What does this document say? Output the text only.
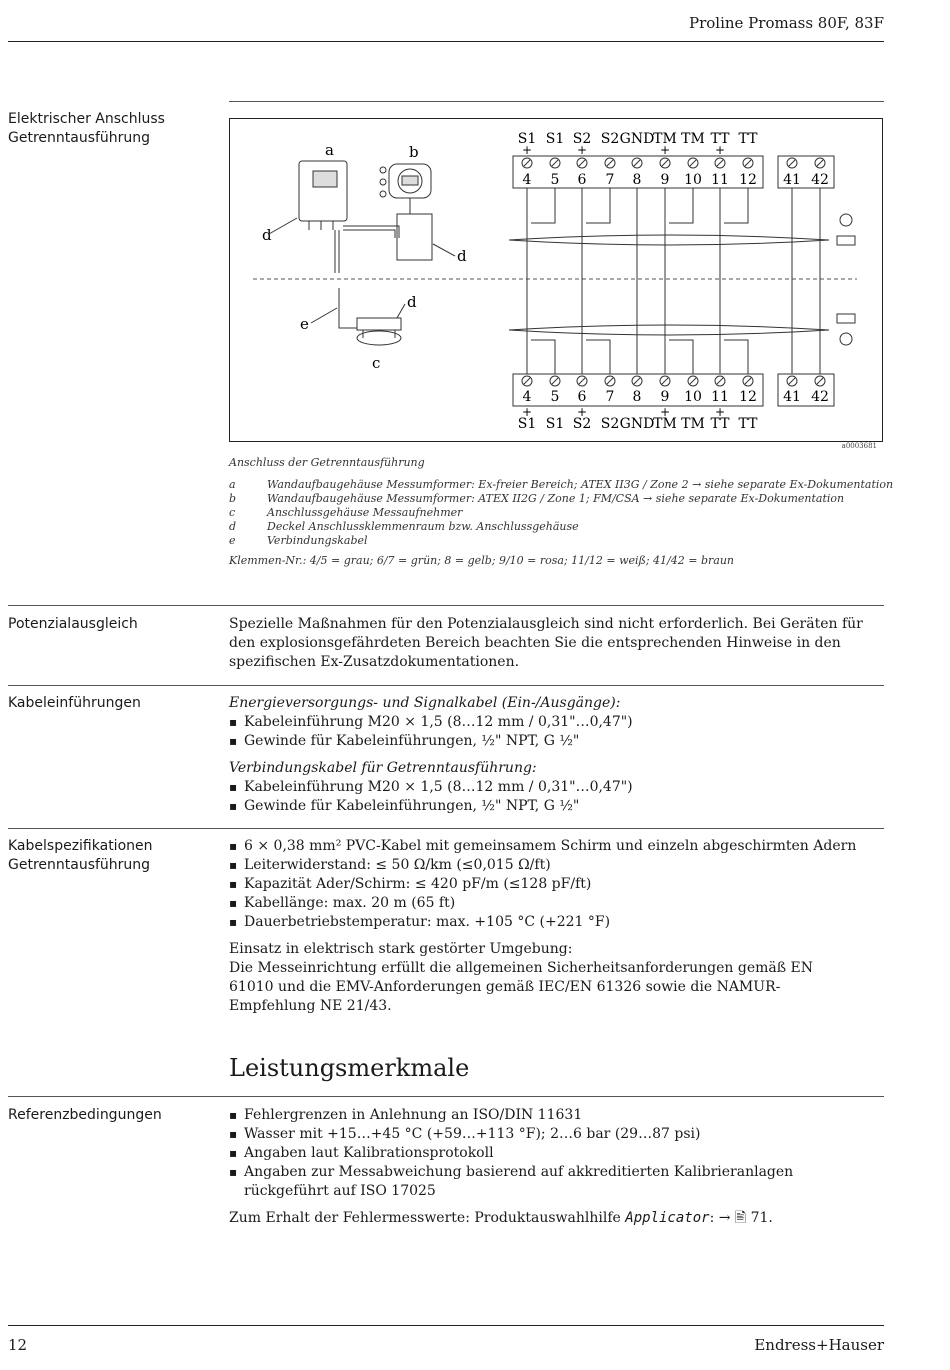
Proline Promass 80F, 83F
Elektrischer Anschluss
Getrenntausführung
a	b
d
d
d
e
c
S1 S1 S2 S2 GND
TM TM TT TT
+	+	+	+
4 5 6 7 8 9 10 11 12 41 42
4 5 6 7 8 9 10 11 12 41 42
+	+	+	+
S1 S1 S2 S2 GND
TM TM TT TT
a0003681
Anschluss der Getrenntausführung
a	Wandaufbaugehäuse Messumformer: Ex-freier Bereich; ATEX II3G / Zone 2 → siehe separate Ex-Dokumentation
b	Wandaufbaugehäuse Messumformer: ATEX II2G / Zone 1; FM/CSA → siehe separate Ex-Dokumentation
c	Anschlussgehäuse Messaufnehmer
d	Deckel Anschlussklemmenraum bzw. Anschlussgehäuse
e	Verbindungskabel
Klemmen-Nr.: 4/5 = grau; 6/7 = grün; 8 = gelb; 9/10 = rosa; 11/12 = weiß; 41/42 = braun
Potenzialausgleich	Spezielle Maßnahmen für den Potenzialausgleich sind nicht erforderlich. Bei Geräten für den explosionsgefährdeten Bereich beachten Sie die entsprechenden Hinweise in den spezifischen Ex-Zusatzdokumentationen.
Kabeleinführungen	Energieversorgungs- und Signalkabel (Ein-/Ausgänge):
▪ Kabeleinführung M20 × 1,5 (8…12 mm / 0,31"…0,47")
▪ Gewinde für Kabeleinführungen, ½" NPT, G ½"
Verbindungskabel für Getrenntausführung:
▪ Kabeleinführung M20 × 1,5 (8…12 mm / 0,31"…0,47")
▪ Gewinde für Kabeleinführungen, ½" NPT, G ½"
Kabelspezifikationen
Getrenntausführung
▪ 6 × 0,38 mm² PVC-Kabel mit gemeinsamem Schirm und einzeln abgeschirmten Adern
▪ Leiterwiderstand: ≤ 50 Ω/km (≤0,015 Ω/ft)
▪ Kapazität Ader/Schirm: ≤ 420 pF/m (≤128 pF/ft)
▪ Kabellänge: max. 20 m (65 ft)
▪ Dauerbetriebstemperatur: max. +105 °C (+221 °F)
Einsatz in elektrisch stark gestörter Umgebung:
Die Messeinrichtung erfüllt die allgemeinen Sicherheitsanforderungen gemäß EN 61010 und die EMV-Anforderungen gemäß IEC/EN 61326 sowie die NAMUR-Empfehlung NE 21/43.
Leistungsmerkmale
Referenzbedingungen
▪	Fehlergrenzen in Anlehnung an ISO/DIN 11631
▪ Wasser mit +15…+45 °C (+59…+113 °F); 2…6 bar (29…87 psi)
▪ Angaben laut Kalibrationsprotokoll
▪ Angaben zur Messabweichung basierend auf akkreditierten Kalibrieranlagen rückgeführt auf ISO 17025
Zum Erhalt der Fehlermesswerte: Produktauswahlhilfe Applicator: → 🖹 71.
12	Endress+Hauser
